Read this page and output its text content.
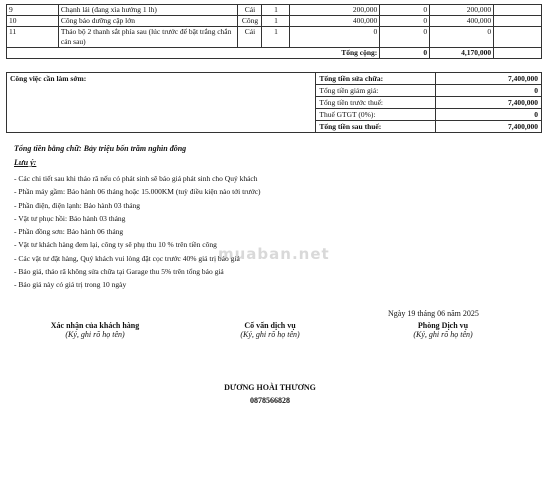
9	Chạnh lái (đang xìa hướng 1 lh)	Cái	1	200,000	0	200,000	
10	Công bảo dưỡng cập lớn	Công	1	400,000	0	400,000	
11	Tháo bộ 2 thanh sắt phía sau (lúc trước để bật trắng chắn cản sau)	Cái	1	0	0	0	
Tổng cộng:					0	4,170,000	
Công việc cần làm sớm:	Tổng tiền sửa chữa:	7,400,000
	Tổng tiền giảm giá:	0
	Tổng tiền trước thuế:	7,400,000
	Thuế GTGT (0%):	0
	Tổng tiền sau thuế:	7,400,000
Tổng tiền bằng chữ: Bảy triệu bốn trăm nghìn đồng
Lưu ý:
- Các chi tiết sau khi tháo rã nếu có phát sinh sẽ báo giá phát sinh cho Quý khách
- Phần máy gầm: Bảo hành 06 tháng hoặc 15.000KM (tuỳ điều kiện nào tới trước)
- Phần điện, điện lạnh: Bảo hành 03 tháng
- Vật tư phục hồi: Bảo hành 03 tháng
- Phần đồng sơn: Bảo hành 06 tháng
- Vật tư khách hàng đem lại, công ty sẽ phụ thu 10 % trên tiền công
- Các vật tư đặt hàng, Quý khách vui lòng đặt cọc trước 40% giá trị báo giá
- Báo giá, tháo rã không sửa chữa tại Garage thu 5% trên tổng báo giá
- Báo giá này có giá trị trong 10 ngày
muaban.net
Ngày 19 tháng 06 năm 2025
Xác nhận của khách hàng
(Ký, ghi rõ họ tên)
Cố vấn dịch vụ
(Ký, ghi rõ họ tên)
Phòng Dịch vụ
(Ký, ghi rõ họ tên)
DƯƠNG HOÀI THƯƠNG
0878566828
